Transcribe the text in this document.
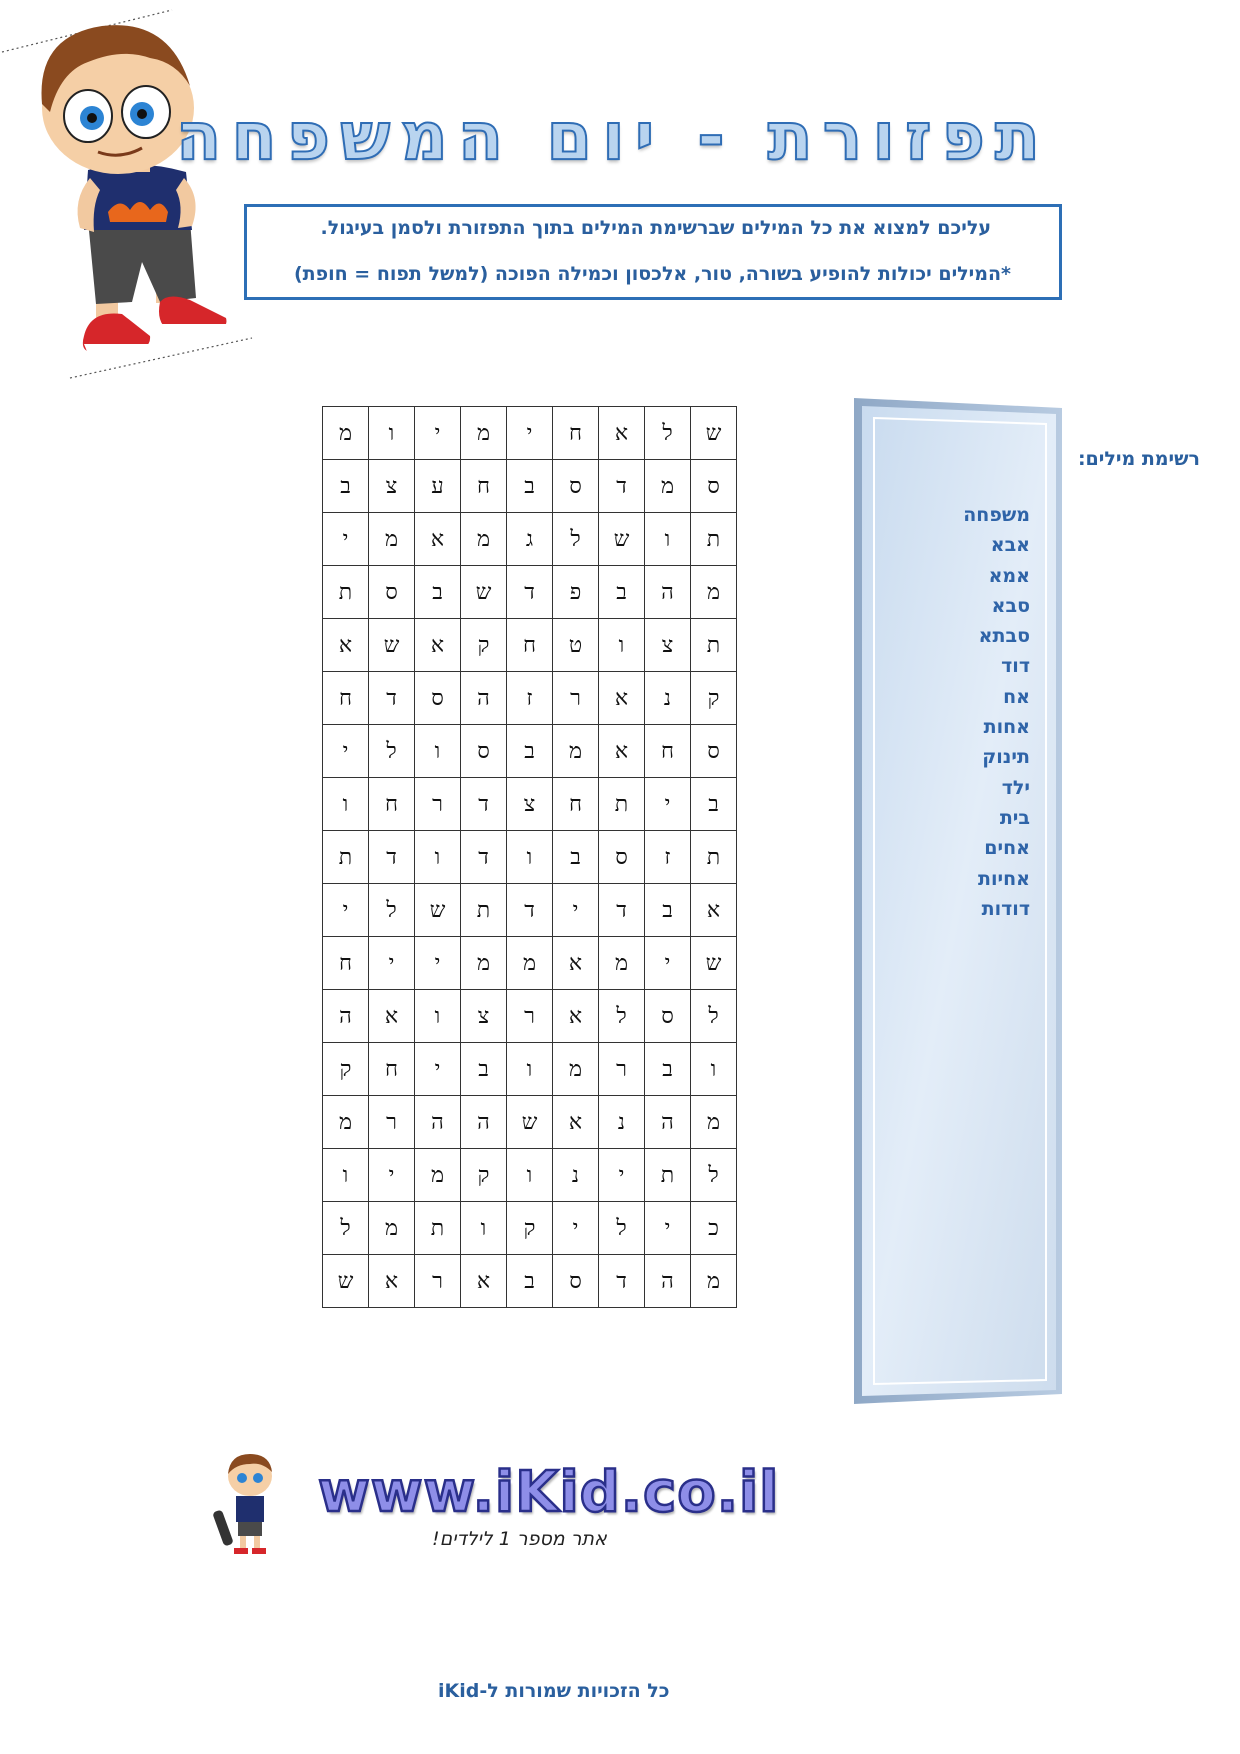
תפזורת - יום המשפחה
עליכם למצוא את כל המילים שברשימת המילים בתוך התפזורת ולסמן בעיגול.
*המילים יכולות להופיע בשורה, טור, אלכסון וכמילה הפוכה (למשל תפוח = חופת)
ש	ל	א	ח	י	מ	י	ו	מ
ס	מ	ד	ס	ב	ח	ע	צ	ב
ת	ו	ש	ל	ג	מ	א	מ	י
מ	ה	ב	פ	ד	ש	ב	ס	ת
ת	צ	ו	ט	ח	ק	א	ש	א
ק	נ	א	ר	ז	ה	ס	ד	ח
ס	ח	א	מ	ב	ס	ו	ל	י
ב	י	ת	ח	צ	ד	ר	ח	ו
ת	ז	ס	ב	ו	ד	ו	ד	ת
א	ב	ד	י	ד	ת	ש	ל	י
ש	י	מ	א	מ	מ	י	י	ח
ל	ס	ל	א	ר	צ	ו	א	ה
ו	ב	ר	מ	ו	ב	י	ח	ק
מ	ה	נ	א	ש	ה	ה	ר	מ
ל	ת	י	נ	ו	ק	מ	י	ו
כ	י	ל	י	ק	ו	ת	מ	ל
מ	ה	ד	ס	ב	א	ר	א	ש
רשימת מילים:
משפחה
אבא
אמא
סבא
סבתא
דוד
אח
אחות
תינוק
ילד
בית
אחים
אחיות
דודות
www.iKid.co.il
אתר מספר 1 לילדים!
כל הזכויות שמורות ל-iKid
